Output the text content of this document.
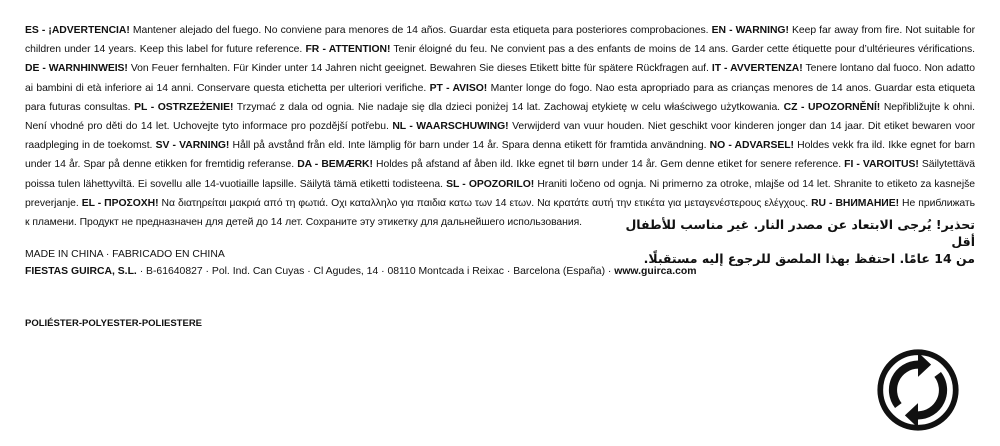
ES - ¡ADVERTENCIA! Mantener alejado del fuego. No conviene para menores de 14 años. Guardar esta etiqueta para posteriores comprobaciones. EN - WARNING! Keep far away from fire. Not suitable for children under 14 years. Keep this label for future reference. FR - ATTENTION! Tenir éloigné du feu. Ne convient pas a des enfants de moins de 14 ans. Garder cette étiquette pour d’ultérieures vérifications. DE - WARNHINWEIS! Von Feuer fernhalten. Für Kinder unter 14 Jahren nicht geeignet. Bewahren Sie dieses Etikett bitte für spätere Rückfragen auf. IT - AVVERTENZA! Tenere lontano dal fuoco. Non adatto ai bambini di età inferiore ai 14 anni. Conservare questa etichetta per ulteriori verifiche. PT - AVISO! Manter longe do fogo. Nao esta apropriado para as crianças menores de 14 anos. Guardar esta etiqueta para futuras consultas. PL - OSTRZEŻENIE! Trzymać z dala od ognia. Nie nadaje się dla dzieci poniżej 14 lat. Zachowaj etykietę w celu właściwego użytkowania. CZ - UPOZORNĚNÍ! Nepřibližujte k ohni. Není vhodné pro děti do 14 let. Uchovejte tyto informace pro pozdější potřebu. NL - WAARSCHUWING! Verwijderd van vuur houden. Niet geschikt voor kinderen jonger dan 14 jaar. Dit etiket bewaren voor raadpleging in de toekomst. SV - VARNING! Håll på avstånd från eld. Inte lämplig för barn under 14 år. Spara denna etikett för framtida användning. NO - ADVARSEL! Holdes vekk fra ild. Ikke egnet for barn under 14 år. Spar på denne etikken for fremtidig referanse. DA - BEMÆRK! Holdes på afstand af åben ild. Ikke egnet til børn under 14 år. Gem denne etiket for senere reference. FI - VAROITUS! Säilytettävä poissa tulen lähettyviltä. Ei sovellu alle 14-vuotiaille lapsille. Säilytä tämä etiketti todisteena. SL - OPOZORILO! Hraniti ločeno od ognja. Ni primerno za otroke, mlajše od 14 let. Shranite to etiketo za kasnejše preverjanje. EL - ΠΡΟΣΟΧΗ! Να διατηρείται μακριά από τη φωτιά. Οχι καταλληλο για παιδια κατω των 14 ετων. Να κρατάτε αυτή την ετικέτα για μεταγενέστερους ελέγχους. RU - ВНИМАНИЕ! Не приближать к пламени. Продукт не предназначен для детей до 14 лет. Сохраните эту этикетку для дальнейшего использования.	تحذير! يُرجى الابتعاد عن مصدر النار. غير مناسب للأطفال أقل
من 14 عامًا. احتفظ بهذا الملصق للرجوع إليه مستقبلًا.
MADE IN CHINA · FABRICADO EN CHINA
FIESTAS GUIRCA, S.L. · B-61640827 · Pol. Ind. Can Cuyas · Cl Agudes, 14 · 08110 Montcada i Reixac · Barcelona (España) · www.guirca.com
POLIÉSTER-POLYESTER-POLIESTERE
